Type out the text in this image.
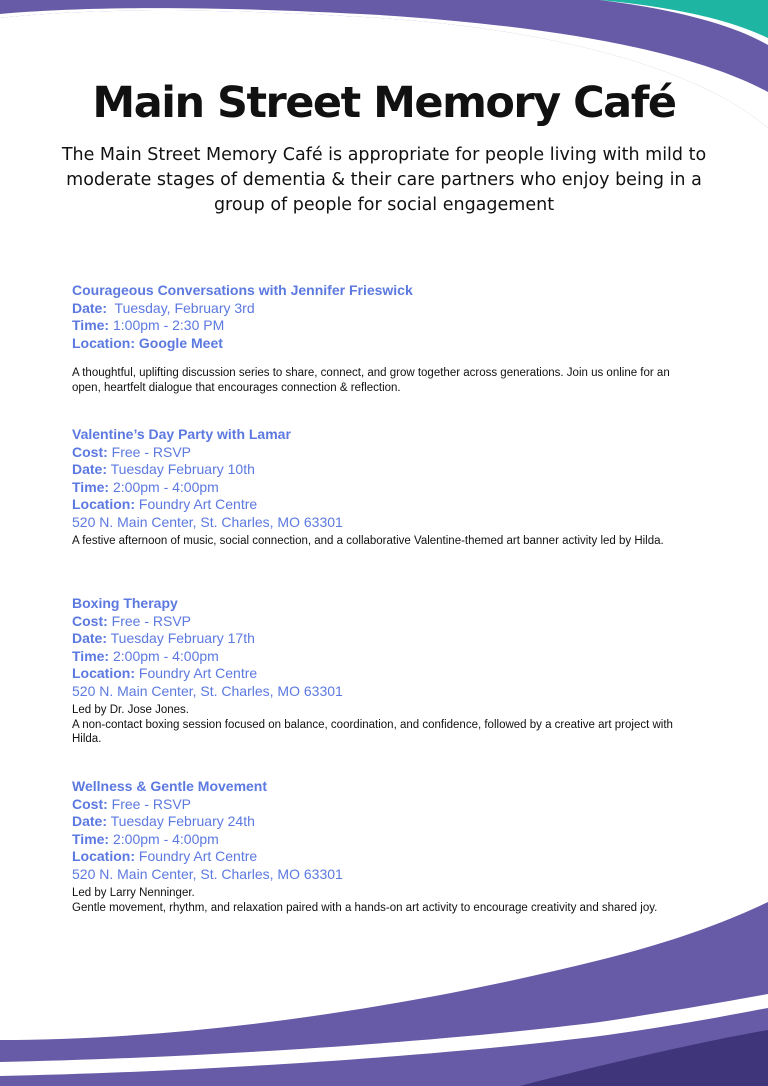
Main Street Memory Café

The Main Street Memory Café is appropriate for people living with mild to moderate stages of dementia & their care partners who enjoy being in a group of people for social engagement

Courageous Conversations with Jennifer Frieswick
Date:  Tuesday, February 3rd
Time: 1:00pm - 2:30 PM
Location: Google Meet
A thoughtful, uplifting discussion series to share, connect, and grow together across generations. Join us online for an open, heartfelt dialogue that encourages connection & reflection.
Valentine’s Day Party with Lamar
Cost: Free - RSVP
Date: Tuesday February 10th
Time: 2:00pm - 4:00pm
Location: Foundry Art Centre
520 N. Main Center, St. Charles, MO 63301
A festive afternoon of music, social connection, and a collaborative Valentine-themed art banner activity led by Hilda.
Boxing Therapy
Cost: Free - RSVP
Date: Tuesday February 17th
Time: 2:00pm - 4:00pm
Location: Foundry Art Centre
520 N. Main Center, St. Charles, MO 63301

Led by Dr. Jose Jones.

A non-contact boxing session focused on balance, coordination, and confidence, followed by a creative art project with Hilda.

Wellness & Gentle Movement
Cost: Free - RSVP
Date: Tuesday February 24th
Time: 2:00pm - 4:00pm
Location: Foundry Art Centre
520 N. Main Center, St. Charles, MO 63301

Led by Larry Nenninger.

Gentle movement, rhythm, and relaxation paired with a hands-on art activity to encourage creativity and shared joy.
